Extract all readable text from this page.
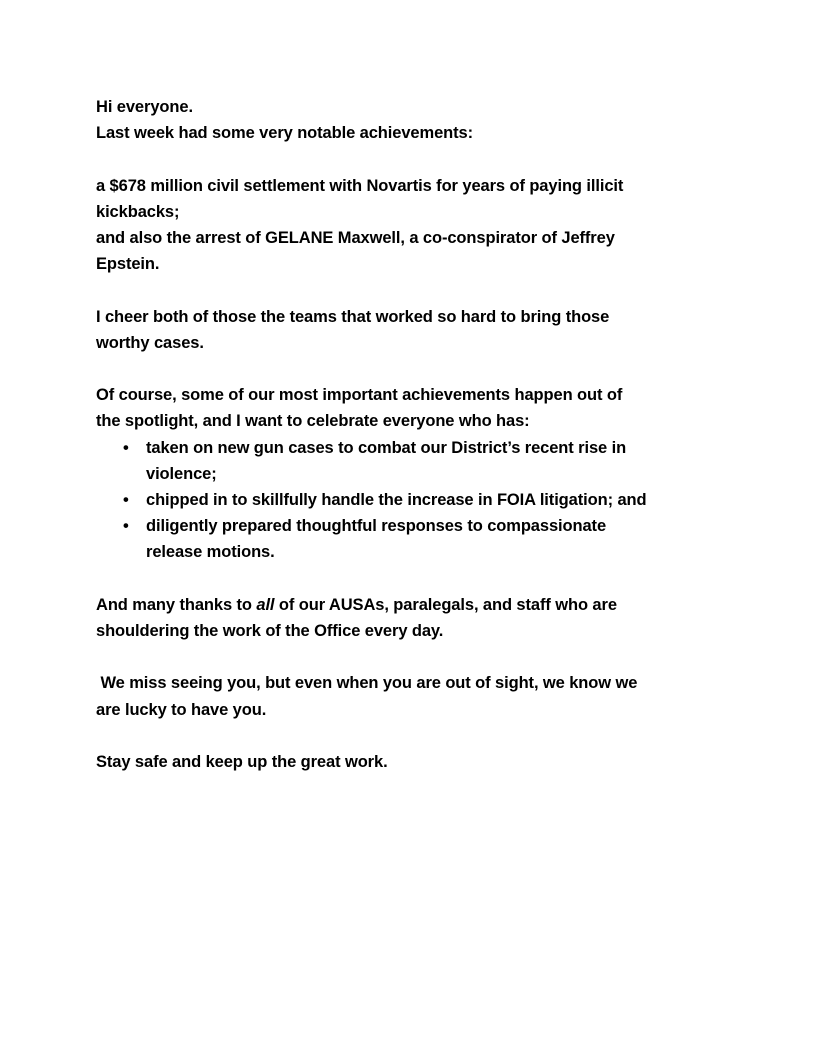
Hi everyone.
Last week had some very notable achievements:
a $678 million civil settlement with Novartis for years of paying illicit
kickbacks;
and also the arrest of GELANE Maxwell, a co-conspirator of Jeffrey
Epstein.
I cheer both of those the teams that worked so hard to bring those
worthy cases.
Of course, some of our most important achievements happen out of
the spotlight, and I want to celebrate everyone who has:
•	taken on new gun cases to combat our District’s recent rise in
violence;
•	chipped in to skillfully handle the increase in FOIA litigation; and
•	diligently prepared thoughtful responses to compassionate
release motions.
And many thanks to all of our AUSAs, paralegals, and staff who are
shouldering the work of the Office every day.
We miss seeing you, but even when you are out of sight, we know we
are lucky to have you.
Stay safe and keep up the great work.
